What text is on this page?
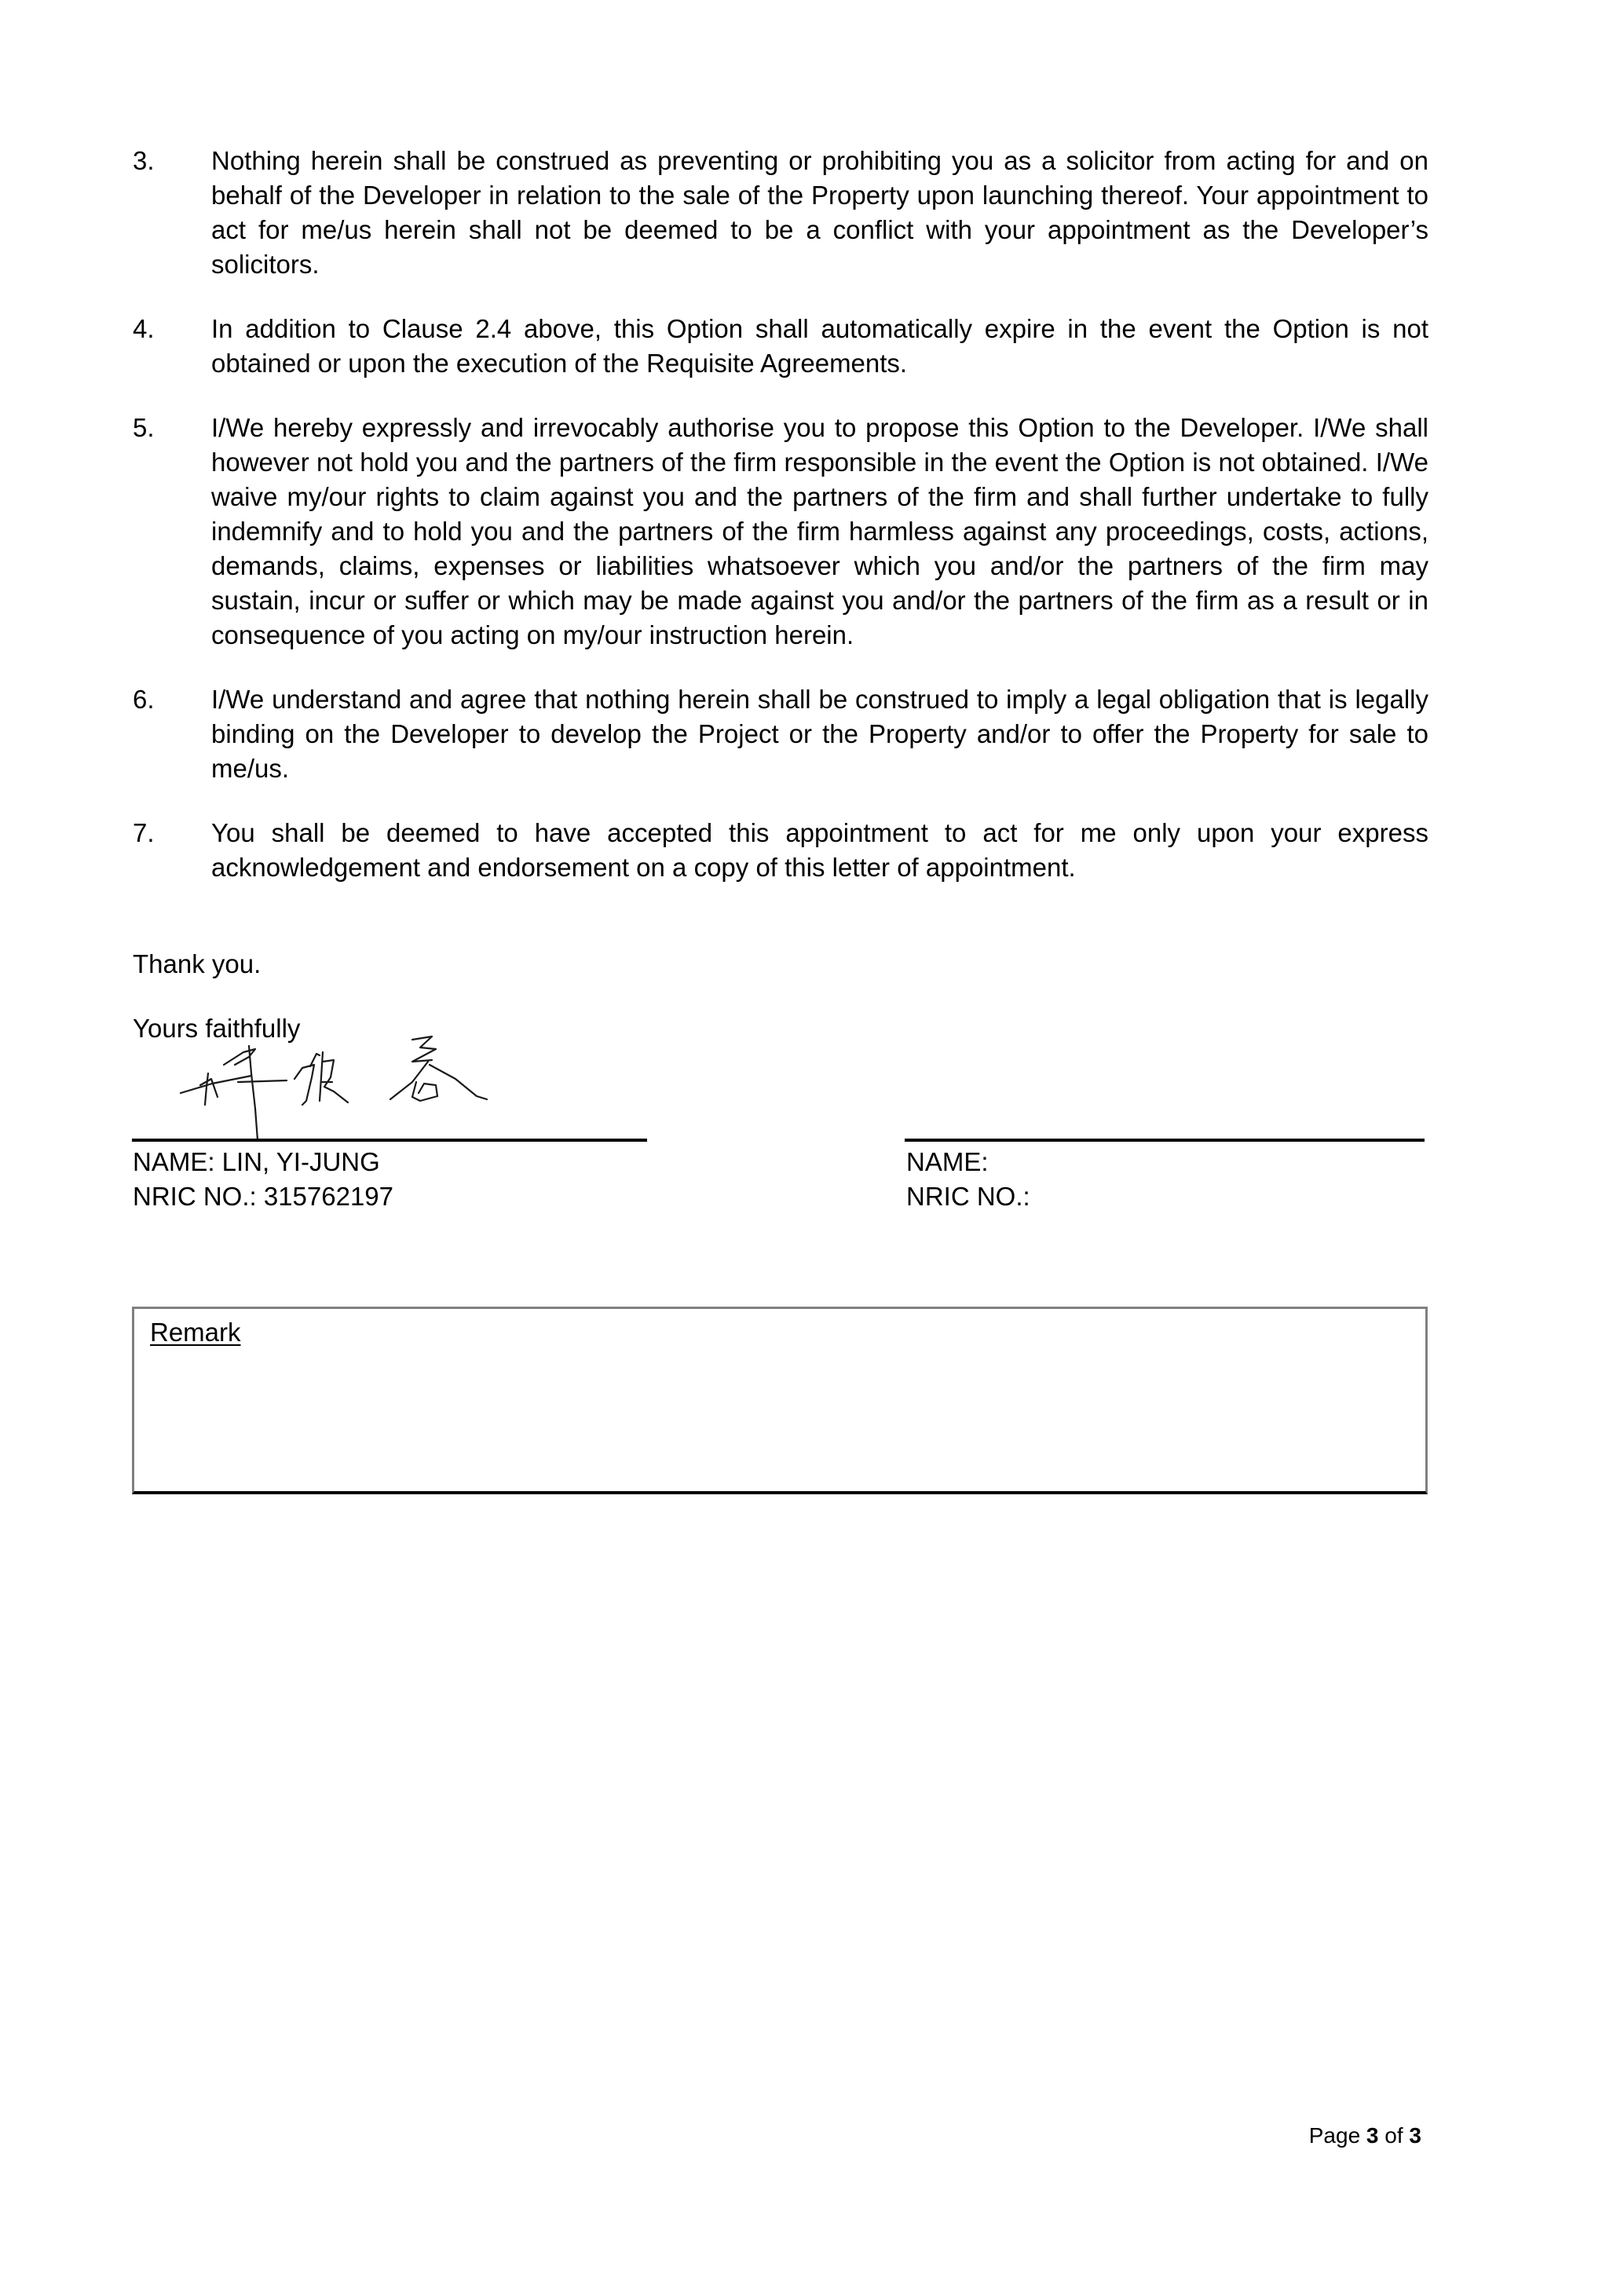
3.	Nothing herein shall be construed as preventing or prohibiting you as a solicitor from acting for and on behalf of the Developer in relation to the sale of the Property upon launching thereof. Your appointment to act for me/us herein shall not be deemed to be a conflict with your appointment as the Developer’s solicitors.
4.	In addition to Clause 2.4 above, this Option shall automatically expire in the event the Option is not obtained or upon the execution of the Requisite Agreements.
5.	I/We hereby expressly and irrevocably authorise you to propose this Option to the Developer. I/We shall however not hold you and the partners of the firm responsible in the event the Option is not obtained. I/We waive my/our rights to claim against you and the partners of the firm and shall further undertake to fully indemnify and to hold you and the partners of the firm harmless against any proceedings, costs, actions, demands, claims, expenses or liabilities whatsoever which you and/or the partners of the firm may sustain, incur or suffer or which may be made against you and/or the partners of the firm as a result or in consequence of you acting on my/our instruction herein.
6.	I/We understand and agree that nothing herein shall be construed to imply a legal obligation that is legally binding on the Developer to develop the Project or the Property and/or to offer the Property for sale to me/us.
7.	You shall be deemed to have accepted this appointment to act for me only upon your express acknowledgement and endorsement on a copy of this letter of appointment.
Thank you.
Yours faithfully
NAME: LIN, YI-JUNG
NRIC NO.: 315762197
NAME:
NRIC NO.:
Remark
Page 3 of 3
